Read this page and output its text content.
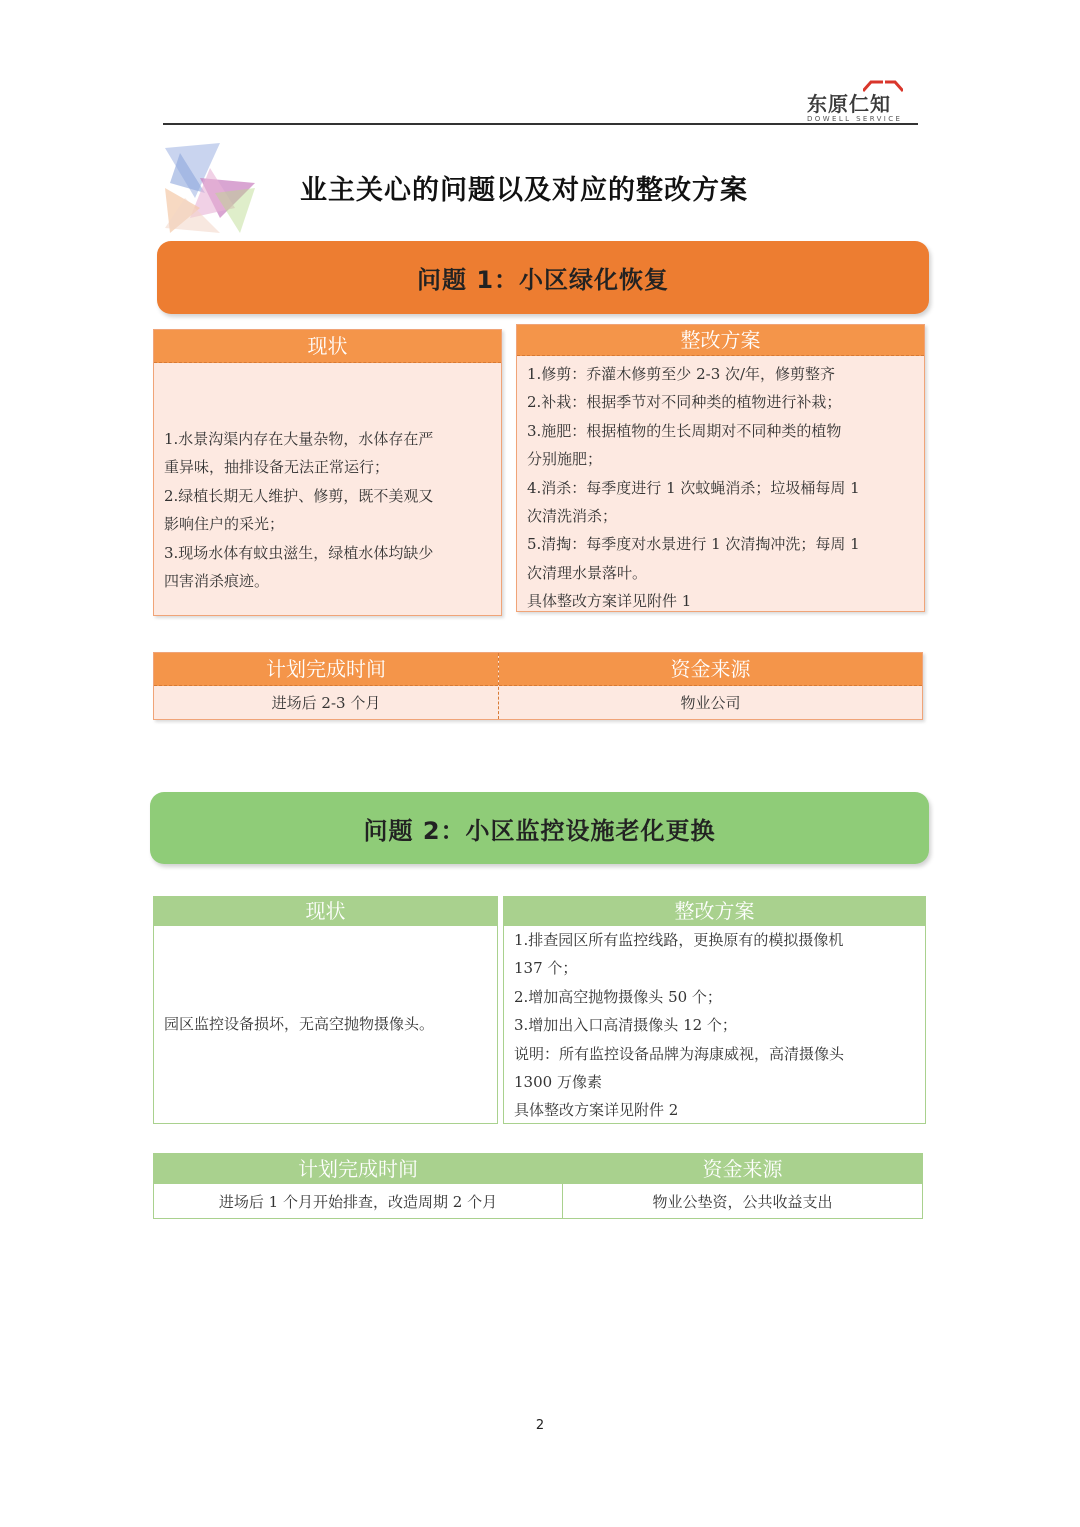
东原仁知
DOWELL SERVICE
业主关心的问题以及对应的整改方案
问题 1：小区绿化恢复
现状
1.水景沟渠内存在大量杂物，水体存在严
重异味，抽排设备无法正常运行；
2.绿植长期无人维护、修剪，既不美观又
影响住户的采光；
3.现场水体有蚊虫滋生，绿植水体均缺少
四害消杀痕迹。
整改方案
1.修剪：乔灌木修剪至少 2-3 次/年，修剪整齐
2.补栽：根据季节对不同种类的植物进行补栽；
3.施肥：根据植物的生长周期对不同种类的植物
分别施肥；
4.消杀：每季度进行 1 次蚊蝇消杀；垃圾桶每周 1
次清洗消杀；
5.清掏：每季度对水景进行 1 次清掏冲洗；每周 1
次清理水景落叶。
具体整改方案详见附件 1
计划完成时间
进场后 2-3 个月
资金来源
物业公司
问题 2：小区监控设施老化更换
现状
园区监控设备损坏，无高空抛物摄像头。
整改方案
1.排查园区所有监控线路，更换原有的模拟摄像机
137 个；
2.增加高空抛物摄像头 50 个；
3.增加出入口高清摄像头 12 个；
说明：所有监控设备品牌为海康威视，高清摄像头
1300 万像素
具体整改方案详见附件 2
计划完成时间
进场后 1 个月开始排查，改造周期 2 个月
资金来源
物业公垫资，公共收益支出
2
